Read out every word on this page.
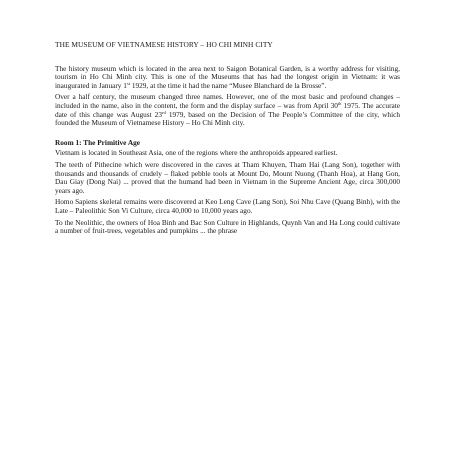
THE MUSEUM OF VIETNAMESE HISTORY – HO CHI MINH CITY

The history museum which is located in the area next to Saigon Botanical Garden, is a worthy address for visiting, tourism in Ho Chi Minh city. This is one of the Museums that has had the longest origin in Vietnam: it was inaugurated in January 1st 1929, at the time it had the name “Musee Blanchard de la Brosse”.

Over a half century, the museum changed three names. However, one of the most basic and profound changes – included in the name, also in the content, the form and the display surface – was from April 30th 1975. The accurate date of this change was August 23rd 1979, based on the Decision of The People’s Committee of the city, which founded the Museum of Vietnamese History – Ho Chi Minh city.

Room 1: The Primitive Age

Vietnam is located in Southeast Asia, one of the regions where the anthropoids appeared earliest.

The teeth of Pithecine which were discovered in the caves at Tham Khuyen, Tham Hai (Lang Son), together with thousands and thousands of crudely – flaked pebble tools at Mount Do, Mount Nuong (Thanh Hoa), at Hang Gon, Dau Giay (Dong Nai) ... proved that the humand had been in Vietnam in the Supreme Ancient Age, circa 300,000 years ago.

Homo Sapiens skeletal remains were discovered at Keo Leng Cave (Lang Son), Soi Nhu Cave (Quang Binh), with the Late – Paleolithic Son Vi Culture, circa 40,000 to 10,000 years ago.

To the Neolithic, the owners of Hoa Binh and Bac Son Culture in Highlands, Quynh Van and Ha Long could cultivate a number of fruit-trees, vegetables and pumpkins ... the phrase
